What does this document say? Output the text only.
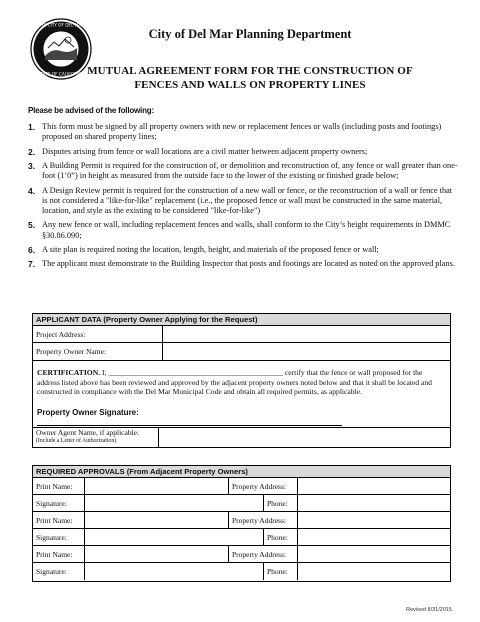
THE CITY OF DEL MAR
STATE OF CALIFORNIA
City of Del Mar Planning Department
MUTUAL AGREEMENT FORM FOR THE CONSTRUCTION OF
FENCES AND WALLS ON PROPERTY LINES
Please be advised of the following:
1. This form must be signed by all property owners with new or replacement fences or walls (including posts and footings) proposed on shared property lines;
2. Disputes arising from fence or wall locations are a civil matter between adjacent property owners;
3. A Building Permit is required for the construction of, or demolition and reconstruction of, any fence or wall greater than one-foot (1’0”) in height as measured from the outside face to the lower of the existing or finished grade below;
4. A Design Review permit is required for the construction of a new wall or fence, or the reconstruction of a wall or fence that is not considered a "like-for-like" replacement (i.e., the proposed fence or wall must be constructed in the same material, location, and style as the existing to be considered "like-for-like")
5. Any new fence or wall, including replacement fences and walls, shall conform to the City’s height requirements in DMMC §30.86.090;
6. A site plan is required noting the location, length, height, and materials of the proposed fence or wall;
7. The applicant must demonstrate to the Building Inspector that posts and footings are located as noted on the approved plans.
APPLICANT DATA (Property Owner Applying for the Request)
Project Address:
Property Owner Name:
CERTIFICATION. I, ______________________________________________ certify that the fence or wall proposed for the address listed above has been reviewed and approved by the adjacent property owners noted below and that it shall be located and constructed in compliance with the Del Mar Municipal Code and obtain all required permits, as applicable.
Property Owner Signature:
Owner Agent Name, if applicable:
(Include a Letter of Authorization)
REQUIRED APPROVALS (From Adjacent Property Owners)
Print Name:	Property Address:
Signature:	Phone:
Print Name:	Property Address:
Signature:	Phone:
Print Name:	Property Address:
Signature:	Phone:
Revised 8/31/2015
